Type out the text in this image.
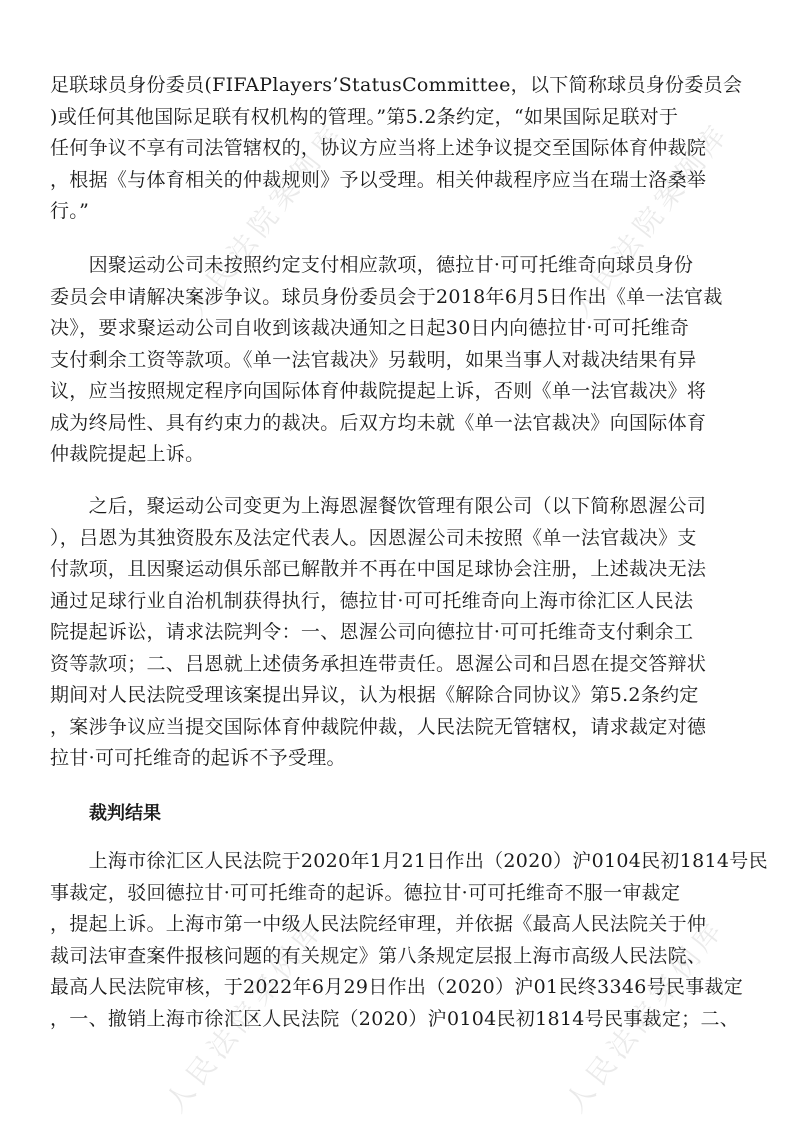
人民法院案例库	人民法院案例库
人民法院案例库	人民法院案例库

足联球员身份委员(FIFAPlayers’StatusCommittee，以下简称球员身份委员会
)或任何其他国际足联有权机构的管理。”第5.2条约定，“如果国际足联对于
任何争议不享有司法管辖权的，协议方应当将上述争议提交至国际体育仲裁院
，根据《与体育相关的仲裁规则》予以受理。相关仲裁程序应当在瑞士洛桑举
行。”

　　因聚运动公司未按照约定支付相应款项，德拉甘·可可托维奇向球员身份
委员会申请解决案涉争议。球员身份委员会于2018年6月5日作出《单一法官裁
决》，要求聚运动公司自收到该裁决通知之日起30日内向德拉甘·可可托维奇
支付剩余工资等款项。《单一法官裁决》另载明，如果当事人对裁决结果有异
议，应当按照规定程序向国际体育仲裁院提起上诉，否则《单一法官裁决》将
成为终局性、具有约束力的裁决。后双方均未就《单一法官裁决》向国际体育
仲裁院提起上诉。

　　之后，聚运动公司变更为上海恩渥餐饮管理有限公司（以下简称恩渥公司
），吕恩为其独资股东及法定代表人。因恩渥公司未按照《单一法官裁决》支
付款项，且因聚运动俱乐部已解散并不再在中国足球协会注册，上述裁决无法
通过足球行业自治机制获得执行，德拉甘·可可托维奇向上海市徐汇区人民法
院提起诉讼，请求法院判令：一、恩渥公司向德拉甘·可可托维奇支付剩余工
资等款项；二、吕恩就上述债务承担连带责任。恩渥公司和吕恩在提交答辩状
期间对人民法院受理该案提出异议，认为根据《解除合同协议》第5.2条约定
，案涉争议应当提交国际体育仲裁院仲裁，人民法院无管辖权，请求裁定对德
拉甘·可可托维奇的起诉不予受理。

裁判结果

　　上海市徐汇区人民法院于2020年1月21日作出（2020）沪0104民初1814号民
事裁定，驳回德拉甘·可可托维奇的起诉。德拉甘·可可托维奇不服一审裁定
，提起上诉。上海市第一中级人民法院经审理，并依据《最高人民法院关于仲
裁司法审查案件报核问题的有关规定》第八条规定层报上海市高级人民法院、
最高人民法院审核，于2022年6月29日作出（2020）沪01民终3346号民事裁定
，一、撤销上海市徐汇区人民法院（2020）沪0104民初1814号民事裁定；二、
